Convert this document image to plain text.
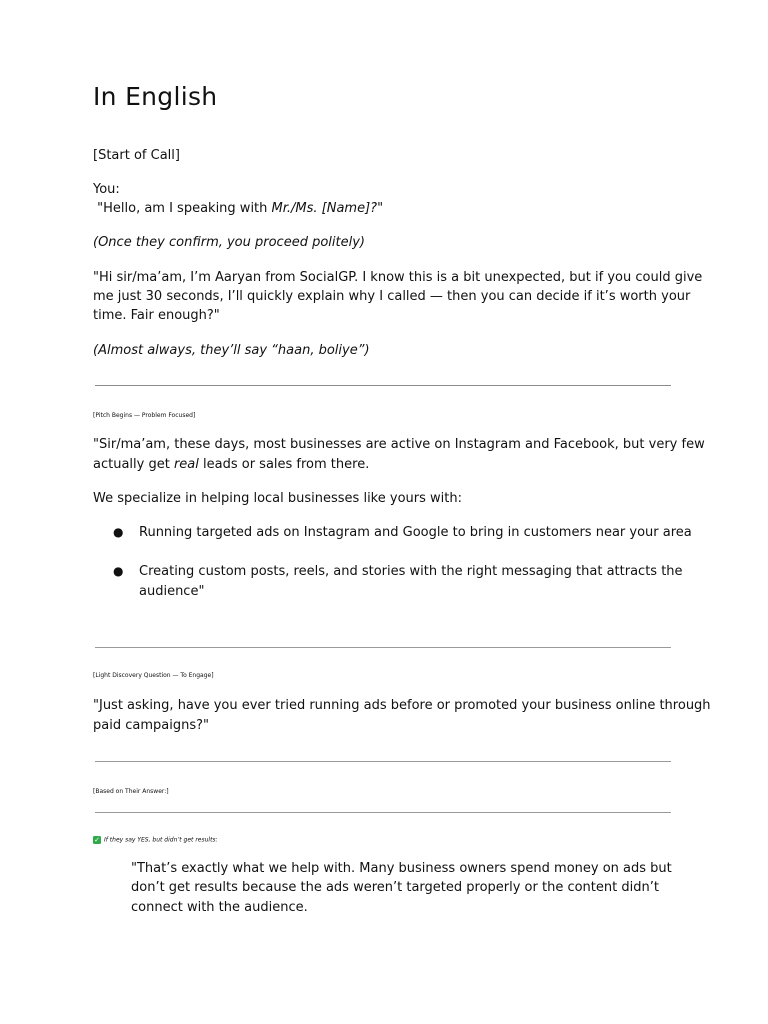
In English

[Start of Call]

You:

"Hello, am I speaking with Mr./Ms. [Name]?"

(Once they confirm, you proceed politely)

"Hi sir/ma’am, I’m Aaryan from SocialGP. I know this is a bit unexpected, but if you could give

me just 30 seconds, I’ll quickly explain why I called — then you can decide if it’s worth your

time. Fair enough?"

(Almost always, they’ll say “haan, boliye”)

[Pitch Begins — Problem Focused]

"Sir/ma’am, these days, most businesses are active on Instagram and Facebook, but very few

actually get real leads or sales from there.

We specialize in helping local businesses like yours with:

● Running targeted ads on Instagram and Google to bring in customers near your area
● Creating custom posts, reels, and stories with the right messaging that attracts the
audience"
[Light Discovery Question — To Engage]

"Just asking, have you ever tried running ads before or promoted your business online through

paid campaigns?"

[Based on Their Answer:]
✓ If they say YES, but didn’t get results:

"That’s exactly what we help with. Many business owners spend money on ads but

don’t get results because the ads weren’t targeted properly or the content didn’t

connect with the audience.
